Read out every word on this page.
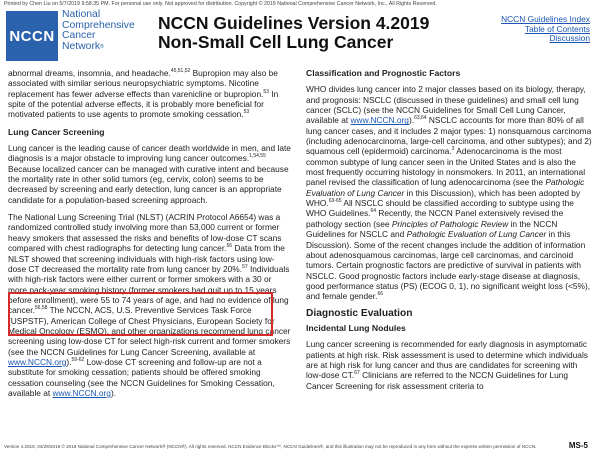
Printed by Chen Liu on 5/7/2019 9:58:35 PM. For personal use only. Not approved for distribution. Copyright © 2019 National Comprehensive Cancer Network, Inc., All Rights Reserved.
NCCN
National
Comprehensive
Cancer
Network®
NCCN Guidelines Version 4.2019
Non-Small Cell Lung Cancer
NCCN Guidelines Index
Table of Contents
Discussion

abnormal dreams, insomnia, and headache.$^{45,51,52}$ Bupropion may also be associated with similar serious neuropsychiatric symptoms. Nicotine replacement has fewer adverse effects than varenicline or bupropion.$^{53}$ In spite of the potential adverse effects, it is probably more beneficial for motivated patients to use agents to promote smoking cessation.$^{53}$

Lung Cancer Screening

Lung cancer is the leading cause of cancer death worldwide in men, and late diagnosis is a major obstacle to improving lung cancer outcomes.$^{1,54,55}$ Because localized cancer can be managed with curative intent and because the mortality rate in other solid tumors (eg, cervix, colon) seems to be decreased by screening and early detection, lung cancer is an appropriate candidate for a population-based screening approach.

The National Lung Screening Trial (NLST) (ACRIN Protocol A6654) was a randomized controlled study involving more than 53,000 current or former heavy smokers that assessed the risks and benefits of low-dose CT scans compared with chest radiographs for detecting lung cancer.$^{56}$ Data from the NLST showed that screening individuals with high-risk factors using low-dose CT decreased the mortality rate from lung cancer by 20%.$^{57}$ Individuals with high-risk factors were either current or former smokers with a 30 or more pack-year smoking history (former smokers had quit up to 15 years before enrollment), were 55 to 74 years of age, and had no evidence of lung cancer.$^{56,58}$ The NCCN, ACS, U.S. Preventive Services Task Force (USPSTF), American College of Chest Physicians, European Society for Medical Oncology (ESMO), and other organizations recommend lung cancer screening using low-dose CT for select high-risk current and former smokers (see the NCCN Guidelines for Lung Cancer Screening, available at www.NCCN.org).$^{59-62}$ Low-dose CT screening and follow-up are not a substitute for smoking cessation; patients should be offered smoking cessation counseling (see the NCCN Guidelines for Smoking Cessation, available at www.NCCN.org).

Classification and Prognostic Factors

WHO divides lung cancer into 2 major classes based on its biology, therapy, and prognosis: NSCLC (discussed in these guidelines) and small cell lung cancer (SCLC) (see the NCCN Guidelines for Small Cell Lung Cancer, available at www.NCCN.org).$^{63,64}$ NSCLC accounts for more than 80% of all lung cancer cases, and it includes 2 major types: 1) nonsquamous carcinoma (including adenocarcinoma, large-cell carcinoma, and other subtypes); and 2) squamous cell (epidermoid) carcinoma.$^3$ Adenocarcinoma is the most common subtype of lung cancer seen in the United States and is also the most frequently occurring histology in nonsmokers. In 2011, an international panel revised the classification of lung adenocarcinoma (see the Pathologic Evaluation of Lung Cancer in this Discussion), which has been adopted by WHO.$^{63-65}$ All NSCLC should be classified according to subtype using the WHO Guidelines.$^{64}$ Recently, the NCCN Panel extensively revised the pathology section (see Principles of Pathologic Review in the NCCN Guidelines for NSCLC and Pathologic Evaluation of Lung Cancer in this Discussion). Some of the recent changes include the addition of information about adenosquamous carcinomas, large cell carcinomas, and carcinoid tumors. Certain prognostic factors are predictive of survival in patients with NSCLC. Good prognostic factors include early-stage disease at diagnosis, good performance status (PS) (ECOG 0, 1), no significant weight loss (<5%), and female gender.$^{66}$

Diagnostic Evaluation
Incidental Lung Nodules

Lung cancer screening is recommended for early diagnosis in asymptomatic patients at high risk. Risk assessment is used to determine which individuals are at high risk for lung cancer and thus are candidates for screening with low-dose CT.$^{67}$ Clinicians are referred to the NCCN Guidelines for Lung Cancer Screening for risk assessment criteria to

Version 4.2019, 04/29/2019 © 2019 National Comprehensive Cancer Network® (NCCN®). All rights reserved. NCCN Evidence Blocks™, NCCN Guidelines®, and this illustration may not be reproduced in any form without the express written permission of NCCN.	MS-5
